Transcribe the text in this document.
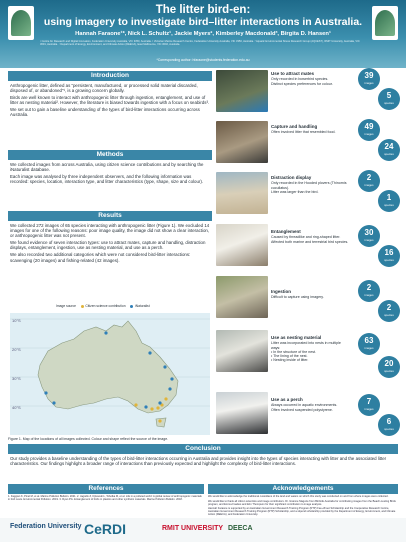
The litter bird-en:
using imagery to investigate bird–litter interactions in Australia.
Hannah Faraone¹*, Nick L. Schultz¹, Jackie Myers², Kimberley Macdonald³, Birgita D. Hansen¹
¹ Centre for Research and Digital Innovation, Federation University Australia, VIC 3350, Australia. ² Victorian Marine Research Centre, Federation University Australia, VIC 3350, Australia. ³ Aquatic Environmental Stress Research Group (AQUEST), RMIT University, Australia, VIC 3001, Australia. ⁴ Department of Energy, Environment, and Climate Action (DEECA), East Melbourne, VIC 3002, Australia.
*Corresponding author: hfaraone@students.federation.edu.au
Introduction

Anthropogenic litter, defined as “persistent, manufactured, or processed solid material discarded, disposed of, or abandoned”¹, is a growing concern globally.

Birds are well known to interact with anthropogenic litter through ingestion, entanglement, and use of litter as nesting material². However, the literature is biased towards ingestion with a focus on seabirds³.

We set out to gain a baseline understanding of the types of bird-litter interactions occurring across Australia.

Methods

We collected images from across Australia, using citizen science contributions and by searching the iNaturalist database.

Each image was analysed by three independent observers, and the following information was recorded: species, location, interaction type, and litter characteristics (type, shape, size and colour).

Results

We collected 272 images of 65 species interacting with anthropogenic litter (Figure 1). We excluded 14 images for one of the following reasons: poor image quality, the image did not show a clear interaction, or anthropogenic litter was not present.

We found evidence of seven interaction types: use to attract mates, capture and handling, distraction displays, entanglement, ingestion, use as nesting material, and use as a perch.

We also recorded two additional categories which were not considered bird-litter interactions: scavenging (20 images) and fishing-related (42 images).

Image source	Citizen science contribution	iNaturalist
10°S
20°S
30°S
40°S
Figure 1. Map of the locations of all images collected. Colour and shape reflect the source of the image.
Use to attract mates
Only recorded in bowerbird species.
Distinct species preferences for colour.
39
images
5
species
Capture and handling
Often involved litter that resembled food.
49
images
24
species
Distraction display
Only recorded in the Hooded plovers (Thinornis cucullatus).
Litter was larger than the bird.
2
images
1
species
Entanglement
Caused by threadlike and ring-shaped litter.
Affected both marine and terrestrial bird species.
30
images
16
species
Ingestion
Difficult to capture using imagery.
2
images
2
species
Use as nesting material
Litter was incorporated into nests in multiple ways:
• In the structure of the nest.
• The lining of the nest.
• Nesting inside of litter.
63
images
20
species
Use as a perch
Always occurred in aquatic environments.
Often involved suspended polystyrene.
7
images
6
species
Conclusion
Our study provides a baseline understanding of the types of bird-litter interactions occurring in Australia and provides insight into the types of species interacting with litter and the associated litter characteristics. Our findings highlight a broader range of interactions than previously expected and highlight the complexity of bird-litter interactions.
References
1. Faggian K, Pinel M, et al. Marine Pollution Bulletin. 2021. 2. Jagiello Z, Dylewski Ł, Tobolka M, et al. Life in a polluted world: A global review of anthropogenic materials in bird nests. Environmental Pollution. 2019. 3. Ryan PG. Entanglement of birds in plastics and other synthetic materials. Marine Pollution Bulletin. 2018.
Acknowledgements

We would like to acknowledge the traditional custodians of the land and waters on which this study was conducted on and from where images were collected.

We would like to thank all citizen scientists and image contributors. Dr. Grainne Maguire from BirdLife Australia for contributing images from the Beach-nesting Birds program, and Emma Fowkes and Erin Thompson for their significant contribution to image analysis.

Hannah Faraone is supported by an Australian Government Research Training Program (RTP) Fee-off-set Scholarship and the Cooperative Research Centre, Australian Government Research Training Program (RTP) Scholarship, and a stipend scholarship provided by the Department of Energy, Environment, and Climate Action (DEECA), and Federation University.

Federation University CeRDI	RMIT UNIVERSITY DEECA
